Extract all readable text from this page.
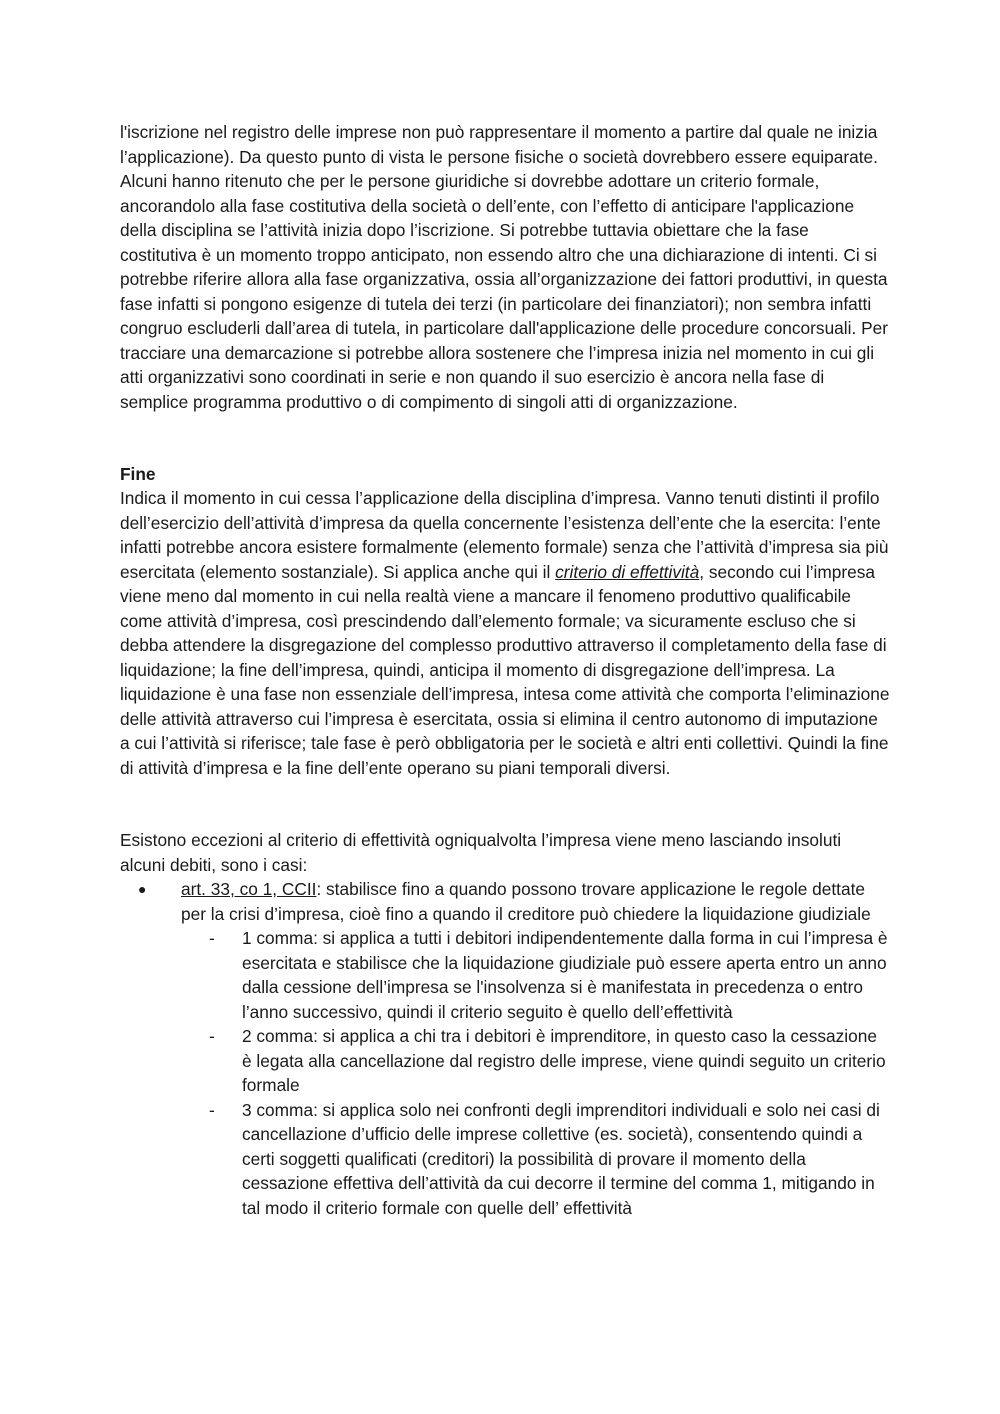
l'iscrizione nel registro delle imprese non può rappresentare il momento a partire dal quale ne inizia l’applicazione). Da questo punto di vista le persone fisiche o società dovrebbero essere equiparate. Alcuni hanno ritenuto che per le persone giuridiche si dovrebbe adottare un criterio formale, ancorandolo alla fase costitutiva della società o dell’ente, con l’effetto di anticipare l'applicazione della disciplina se l’attività inizia dopo l’iscrizione. Si potrebbe tuttavia obiettare che la fase costitutiva è un momento troppo anticipato, non essendo altro che una dichiarazione di intenti. Ci si potrebbe riferire allora alla fase organizzativa, ossia all’organizzazione dei fattori produttivi, in questa fase infatti si pongono esigenze di tutela dei terzi (in particolare dei finanziatori); non sembra infatti congruo escluderli dall’area di tutela, in particolare dall'applicazione delle procedure concorsuali. Per tracciare una demarcazione si potrebbe allora sostenere che l’impresa inizia nel momento in cui gli atti organizzativi sono coordinati in serie e non quando il suo esercizio è ancora nella fase di semplice programma produttivo o di compimento di singoli atti di organizzazione.

Fine

Indica il momento in cui cessa l’applicazione della disciplina d’impresa. Vanno tenuti distinti il profilo dell’esercizio dell’attività d’impresa da quella concernente l’esistenza dell’ente che la esercita: l’ente infatti potrebbe ancora esistere formalmente (elemento formale) senza che l’attività d’impresa sia più esercitata (elemento sostanziale). Si applica anche qui il criterio di effettività, secondo cui l’impresa viene meno dal momento in cui nella realtà viene a mancare il fenomeno produttivo qualificabile come attività d’impresa, così prescindendo dall’elemento formale; va sicuramente escluso che si debba attendere la disgregazione del complesso produttivo attraverso il completamento della fase di liquidazione; la fine dell’impresa, quindi, anticipa il momento di disgregazione dell’impresa. La liquidazione è una fase non essenziale dell’impresa, intesa come attività che comporta l’eliminazione delle attività attraverso cui l’impresa è esercitata, ossia si elimina il centro autonomo di imputazione a cui l’attività si riferisce; tale fase è però obbligatoria per le società e altri enti collettivi. Quindi la fine di attività d’impresa e la fine dell’ente operano su piani temporali diversi.

Esistono eccezioni al criterio di effettività ogniqualvolta l’impresa viene meno lasciando insoluti alcuni debiti, sono i casi:

● art. 33, co 1, CCII: stabilisce fino a quando possono trovare applicazione le regole dettate per la crisi d’impresa, cioè fino a quando il creditore può chiedere la liquidazione giudiziale
- 1 comma: si applica a tutti i debitori indipendentemente dalla forma in cui l’impresa è esercitata e stabilisce che la liquidazione giudiziale può essere aperta entro un anno dalla cessione dell’impresa se l'insolvenza si è manifestata in precedenza o entro l’anno successivo, quindi il criterio seguito è quello dell’effettività
- 2 comma: si applica a chi tra i debitori è imprenditore, in questo caso la cessazione è legata alla cancellazione dal registro delle imprese, viene quindi seguito un criterio formale
- 3 comma: si applica solo nei confronti degli imprenditori individuali e solo nei casi di cancellazione d’ufficio delle imprese collettive (es. società), consentendo quindi a certi soggetti qualificati (creditori) la possibilità di provare il momento della cessazione effettiva dell’attività da cui decorre il termine del comma 1, mitigando in tal modo il criterio formale con quelle dell’ effettività
